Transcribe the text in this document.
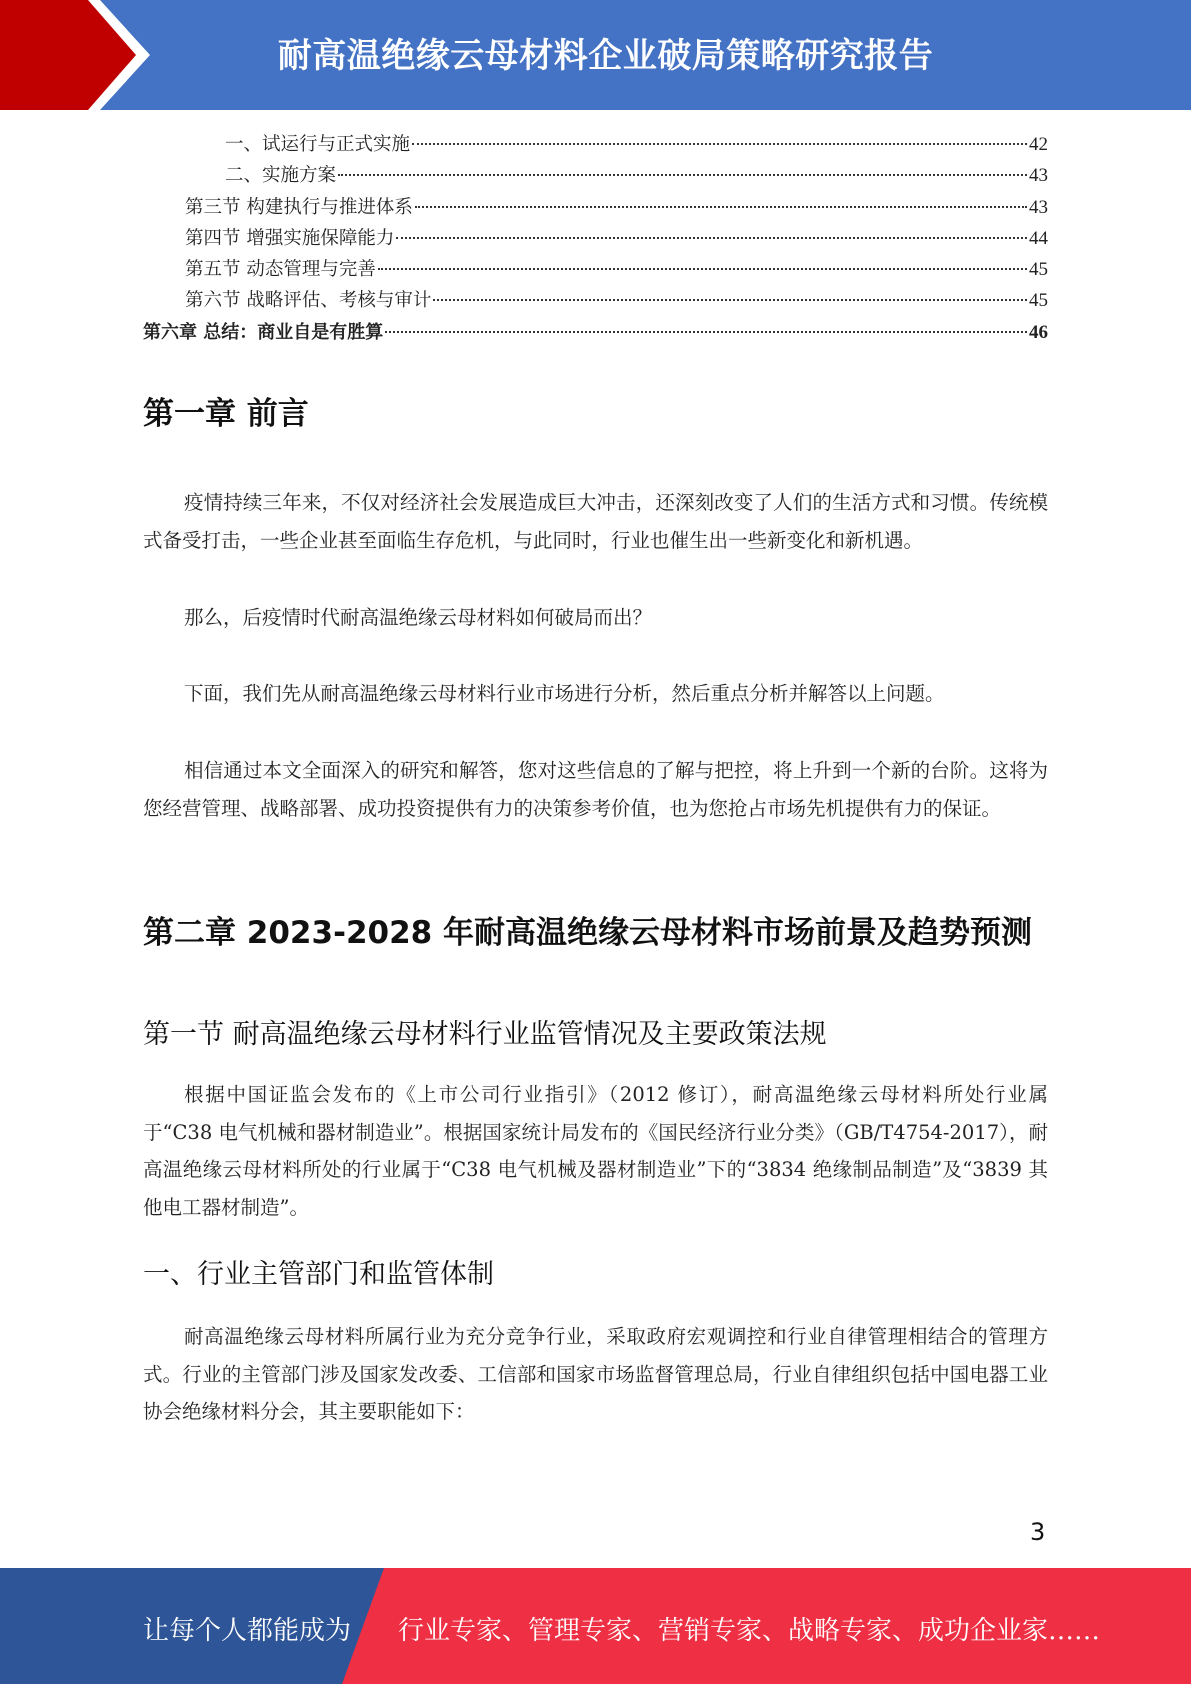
耐高温绝缘云母材料企业破局策略研究报告
一、试运行与正式实施	42
二、实施方案	43
第三节 构建执行与推进体系	43
第四节 增强实施保障能力	44
第五节 动态管理与完善	45
第六节 战略评估、考核与审计	45
第六章 总结：商业自是有胜算	46
第一章 前言
疫情持续三年来，不仅对经济社会发展造成巨大冲击，还深刻改变了人们的生活方式和习惯。传统模式备受打击，一些企业甚至面临生存危机，与此同时，行业也催生出一些新变化和新机遇。
那么，后疫情时代耐高温绝缘云母材料如何破局而出？
下面，我们先从耐高温绝缘云母材料行业市场进行分析，然后重点分析并解答以上问题。
相信通过本文全面深入的研究和解答，您对这些信息的了解与把控，将上升到一个新的台阶。这将为您经营管理、战略部署、成功投资提供有力的决策参考价值，也为您抢占市场先机提供有力的保证。
第二章 2023-2028 年耐高温绝缘云母材料市场前景及趋势预测
第一节 耐高温绝缘云母材料行业监管情况及主要政策法规
根据中国证监会发布的《上市公司行业指引》（2012 修订），耐高温绝缘云母材料所处行业属于“C38 电气机械和器材制造业”。根据国家统计局发布的《国民经济行业分类》（GB/T4754-2017），耐高温绝缘云母材料所处的行业属于“C38 电气机械及器材制造业”下的“3834 绝缘制品制造”及“3839 其他电工器材制造”。
一、行业主管部门和监管体制
耐高温绝缘云母材料所属行业为充分竞争行业，采取政府宏观调控和行业自律管理相结合的管理方式。行业的主管部门涉及国家发改委、工信部和国家市场监督管理总局，行业自律组织包括中国电器工业协会绝缘材料分会，其主要职能如下：
3
让每个人都能成为 行业专家、管理专家、营销专家、战略专家、成功企业家……
